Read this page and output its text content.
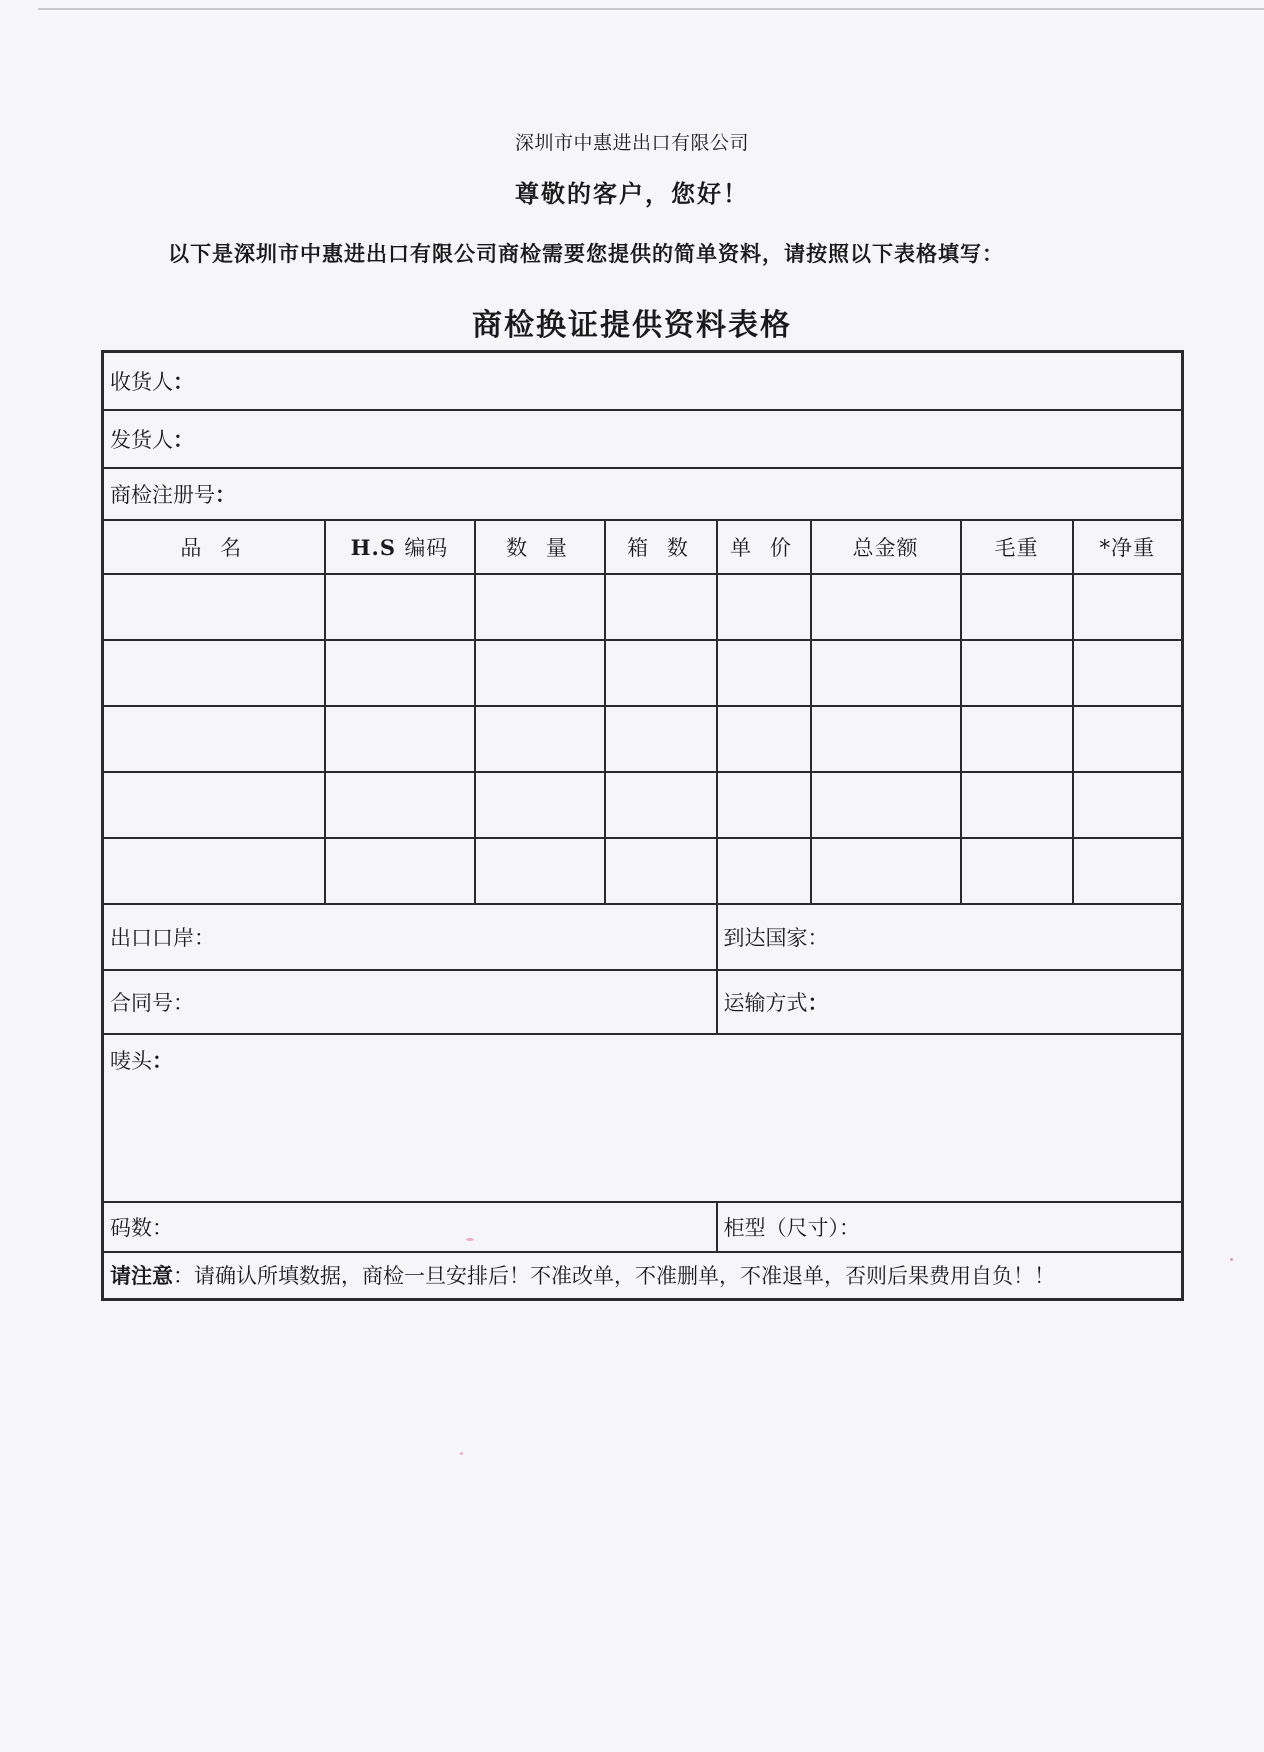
深圳市中惠进出口有限公司
尊敬的客户，您好！
以下是深圳市中惠进出口有限公司商检需要您提供的简单资料，请按照以下表格填写：
商检换证提供资料表格
收货人：							
发货人：							
商检注册号：							
品 名	H.S 编码	数 量	箱 数	单 价	总金额	毛重	*净重

出口口岸：				到达国家：			
合同号：				运输方式：			
唛头：							
码数：				柜型（尺寸）：			
请注意：请确认所填数据，商检一旦安排后！不准改单，不准删单，不准退单，否则后果费用自负！！							
